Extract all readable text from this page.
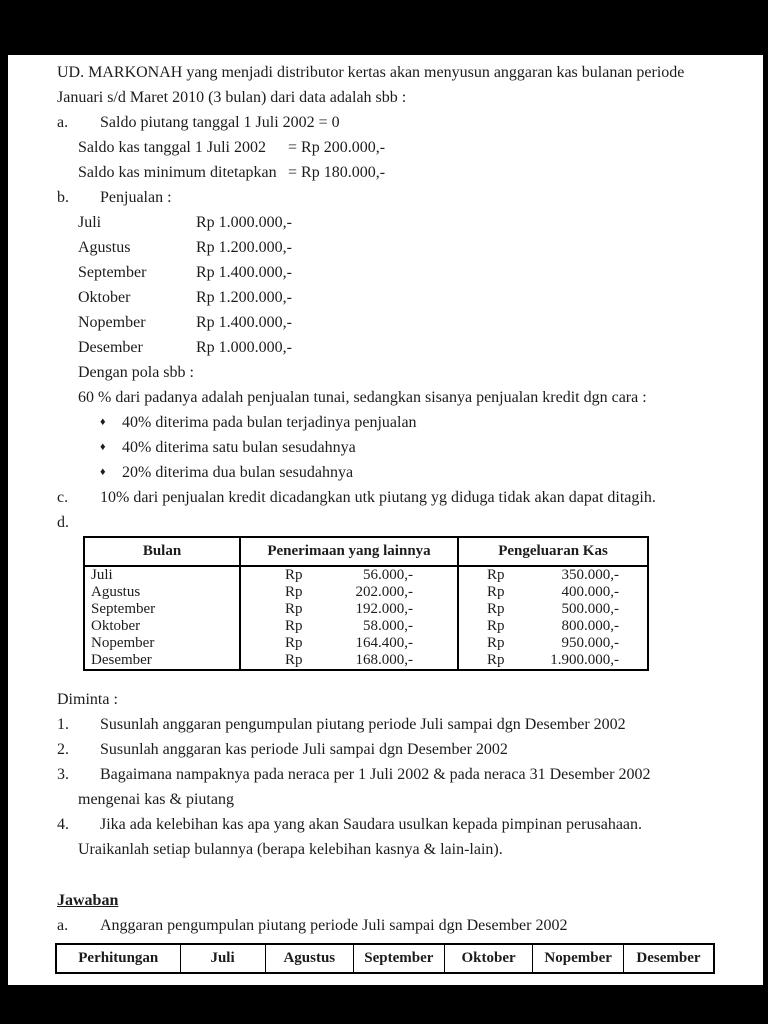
UD. MARKONAH yang menjadi distributor kertas akan menyusun anggaran kas bulanan periode Januari s/d Maret 2010 (3 bulan) dari data adalah sbb :
a.	Saldo piutang tanggal 1 Juli 2002 = 0
Saldo kas tanggal 1 Juli 2002	= Rp 200.000,-
Saldo kas minimum ditetapkan = Rp 180.000,-
b.	Penjualan :
Juli	Rp 1.000.000,-
Agustus	Rp 1.200.000,-
September	Rp 1.400.000,-
Oktober	Rp 1.200.000,-
Nopember	Rp 1.400.000,-
Desember	Rp 1.000.000,-
Dengan pola sbb :
60 % dari padanya adalah penjualan tunai, sedangkan sisanya penjualan kredit dgn cara :
♦	40% diterima pada bulan terjadinya penjualan
♦	40% diterima satu bulan sesudahnya
♦	20% diterima dua bulan sesudahnya
c.	10% dari penjualan kredit dicadangkan utk piutang yg diduga tidak akan dapat ditagih.
d.
Bulan	Penerimaan yang lainnya	Pengeluaran Kas
Juli	Rp 56.000,-	Rp 350.000,-

Agustus	Rp 202.000,-	Rp 400.000,-

September	Rp 192.000,-	Rp 500.000,-

Oktober	Rp 58.000,-	Rp 800.000,-

Nopember	Rp 164.400,-	Rp 950.000,-

Desember	Rp 168.000,-	Rp 1.900.000,-
Diminta :
1.	Susunlah anggaran pengumpulan piutang periode Juli sampai dgn Desember 2002
2.	Susunlah anggaran kas periode Juli sampai dgn Desember 2002
3.	Bagaimana nampaknya pada neraca per 1 Juli 2002 & pada neraca 31 Desember 2002 mengenai kas & piutang
4.	Jika ada kelebihan kas apa yang akan Saudara usulkan kepada pimpinan perusahaan. Uraikanlah setiap bulannya (berapa kelebihan kasnya & lain-lain).
Jawaban
a.	Anggaran pengumpulan piutang periode Juli sampai dgn Desember 2002
Perhitungan	Juli	Agustus	September	Oktober	Nopember	Desember
